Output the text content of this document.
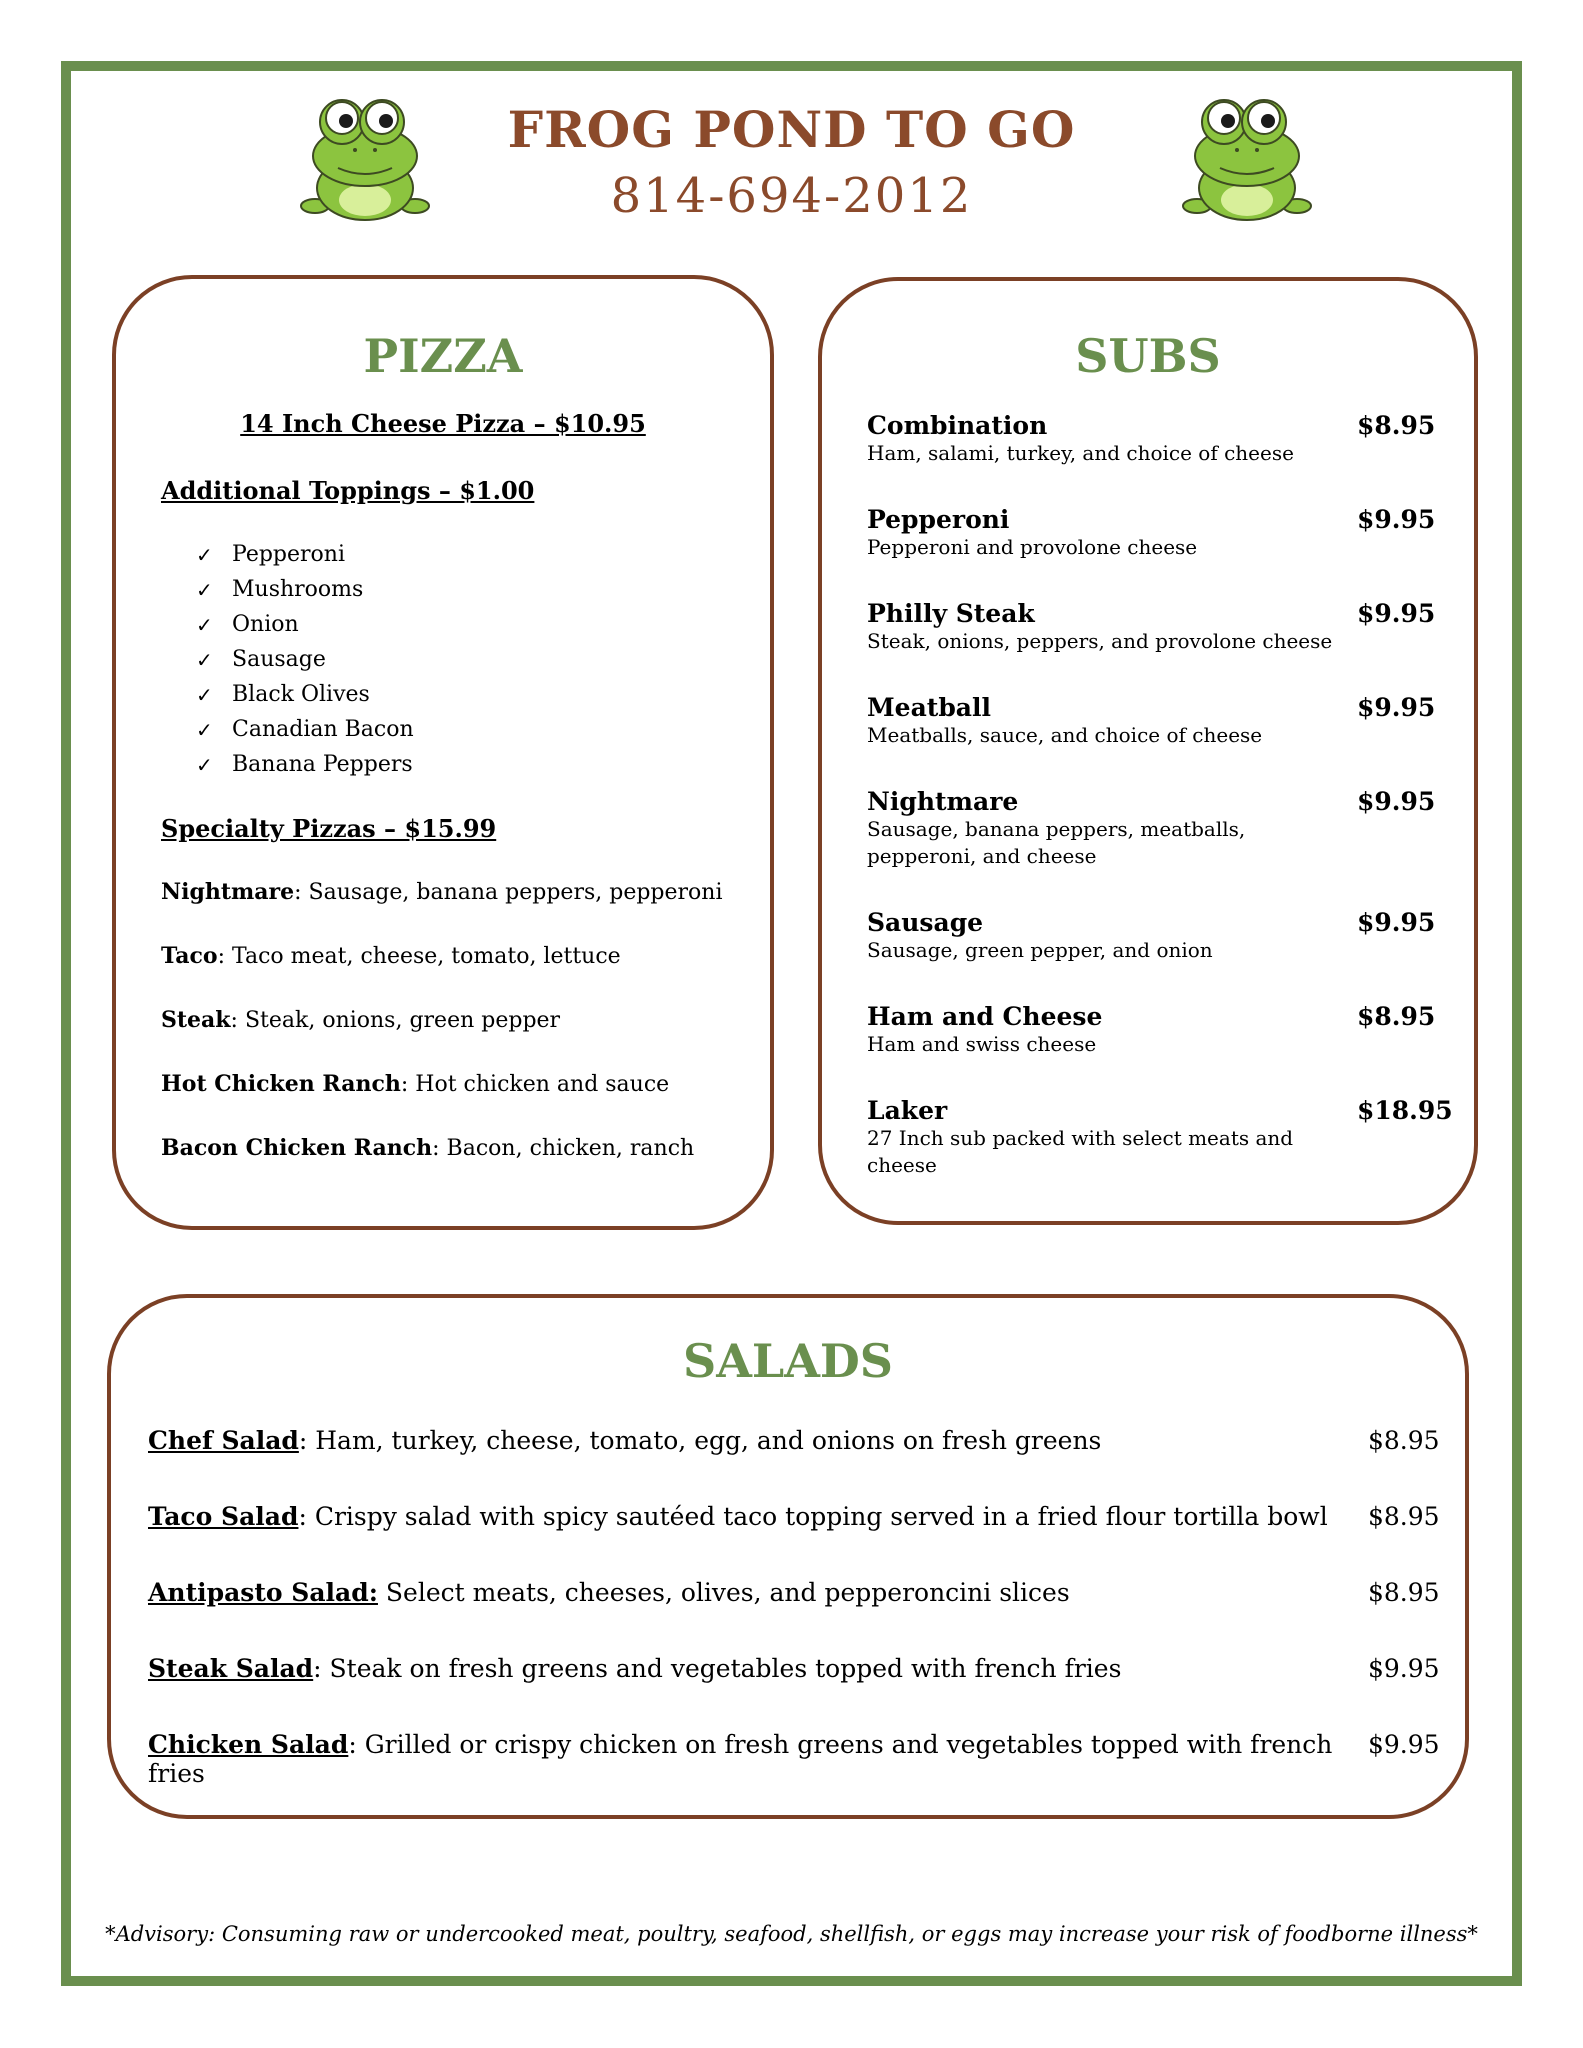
FROG POND TO GO
814-694-2012
PIZZA
14 Inch Cheese Pizza – $10.95
Additional Toppings – $1.00
✓ Pepperoni
✓ Mushrooms
✓ Onion
✓ Sausage
✓ Black Olives
✓ Canadian Bacon
✓ Banana Peppers
Specialty Pizzas – $15.99
Nightmare: Sausage, banana peppers, pepperoni
Taco: Taco meat, cheese, tomato, lettuce
Steak: Steak, onions, green pepper
Hot Chicken Ranch: Hot chicken and sauce
Bacon Chicken Ranch: Bacon, chicken, ranch
SUBS
Combination	$8.95
Ham, salami, turkey, and choice of cheese
Pepperoni	$9.95
Pepperoni and provolone cheese
Philly Steak	$9.95
Steak, onions, peppers, and provolone cheese
Meatball	$9.95
Meatballs, sauce, and choice of cheese
Nightmare	$9.95
Sausage, banana peppers, meatballs, pepperoni, and cheese
Sausage	$9.95
Sausage, green pepper, and onion
Ham and Cheese	$8.95
Ham and swiss cheese
Laker	$18.95
27 Inch sub packed with select meats and cheese
SALADS
Chef Salad: Ham, turkey, cheese, tomato, egg, and onions on fresh greens	$8.95
Taco Salad: Crispy salad with spicy sautéed taco topping served in a fried flour tortilla bowl $8.95
Antipasto Salad: Select meats, cheeses, olives, and pepperoncini slices	$8.95
Steak Salad: Steak on fresh greens and vegetables topped with french fries	$9.95
Chicken Salad: Grilled or crispy chicken on fresh greens and vegetables topped with french fries
$9.95
*Advisory: Consuming raw or undercooked meat, poultry, seafood, shellfish, or eggs may increase your risk of foodborne illness*
